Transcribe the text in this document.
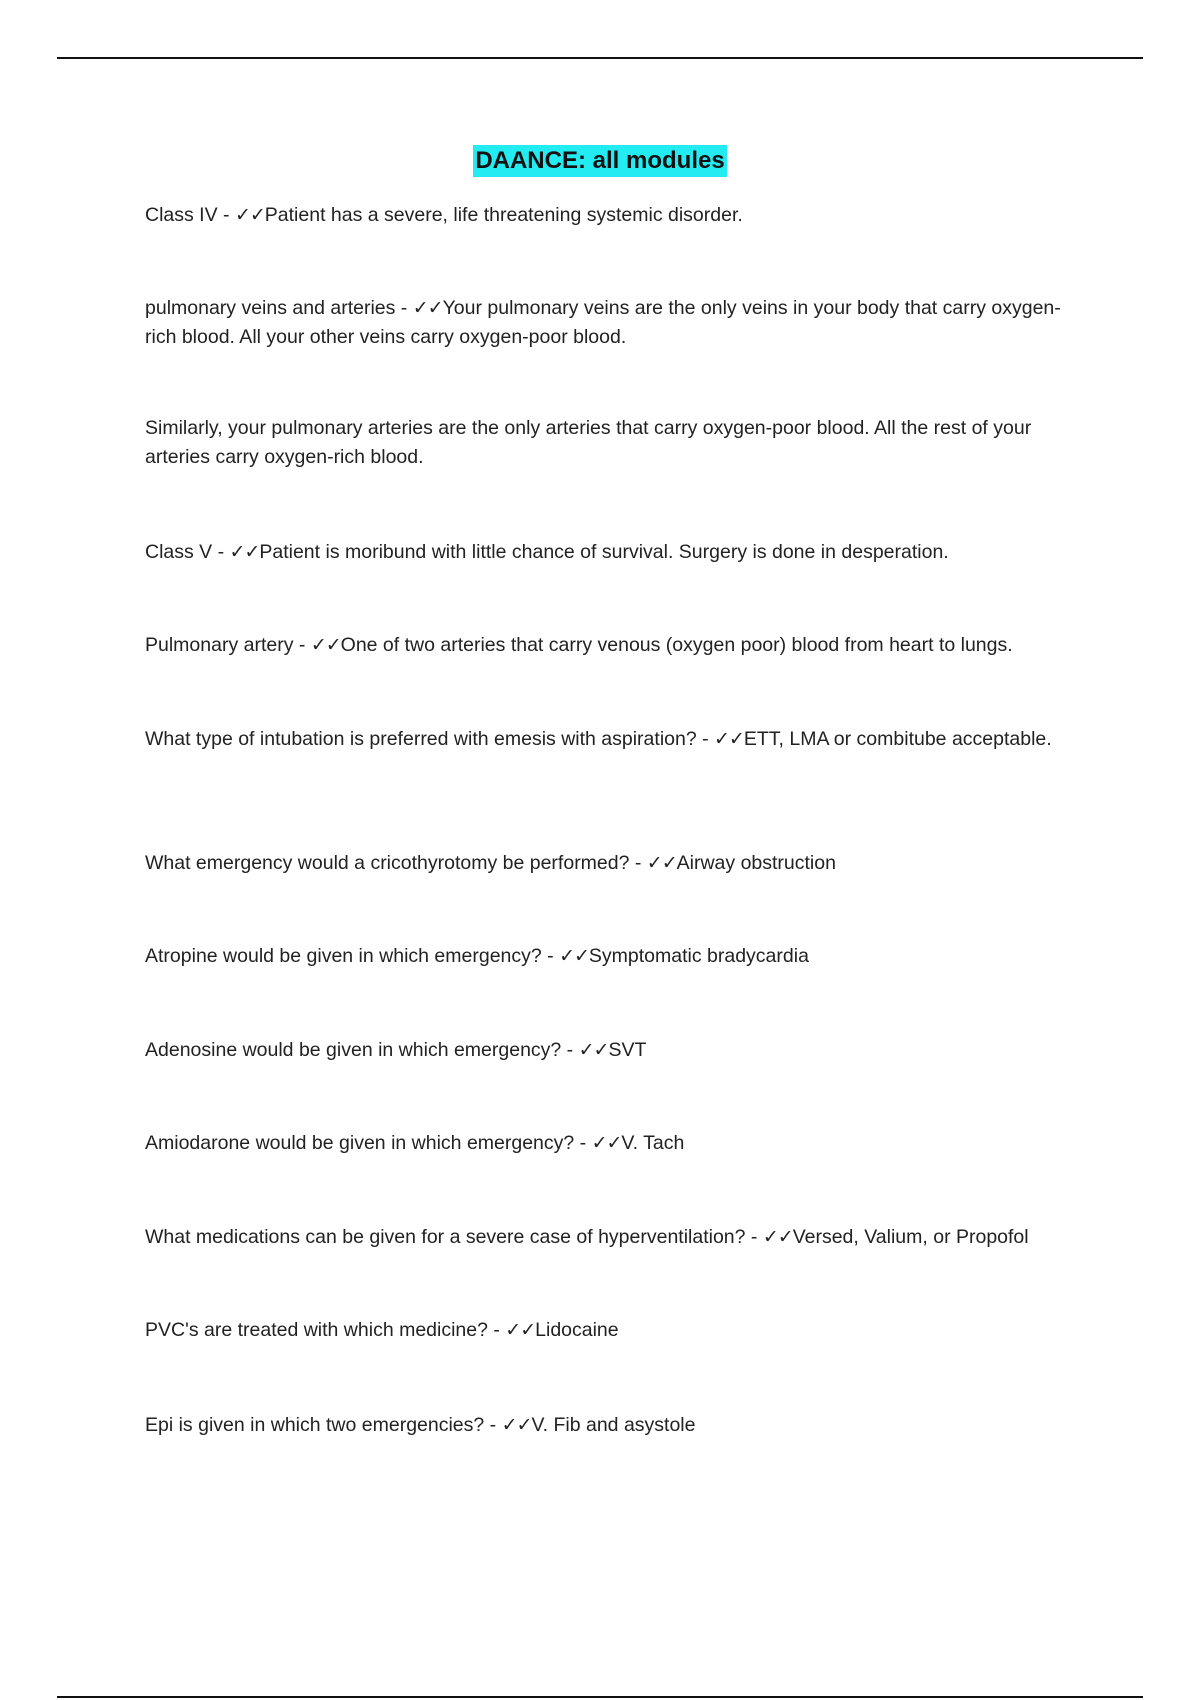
DAANCE: all modules

Class IV - ✓✓Patient has a severe, life threatening systemic disorder.

pulmonary veins and arteries - ✓✓Your pulmonary veins are the only veins in your body that carry oxygen-rich blood. All your other veins carry oxygen-poor blood.

Similarly, your pulmonary arteries are the only arteries that carry oxygen-poor blood. All the rest of your arteries carry oxygen-rich blood.

Class V - ✓✓Patient is moribund with little chance of survival. Surgery is done in desperation.

Pulmonary artery - ✓✓One of two arteries that carry venous (oxygen poor) blood from heart to lungs.

What type of intubation is preferred with emesis with aspiration? - ✓✓ETT, LMA or combitube acceptable.

What emergency would a cricothyrotomy be performed? - ✓✓Airway obstruction

Atropine would be given in which emergency? - ✓✓Symptomatic bradycardia

Adenosine would be given in which emergency? - ✓✓SVT

Amiodarone would be given in which emergency? - ✓✓V. Tach

What medications can be given for a severe case of hyperventilation? - ✓✓Versed, Valium, or Propofol

PVC's are treated with which medicine? - ✓✓Lidocaine

Epi is given in which two emergencies? - ✓✓V. Fib and asystole
